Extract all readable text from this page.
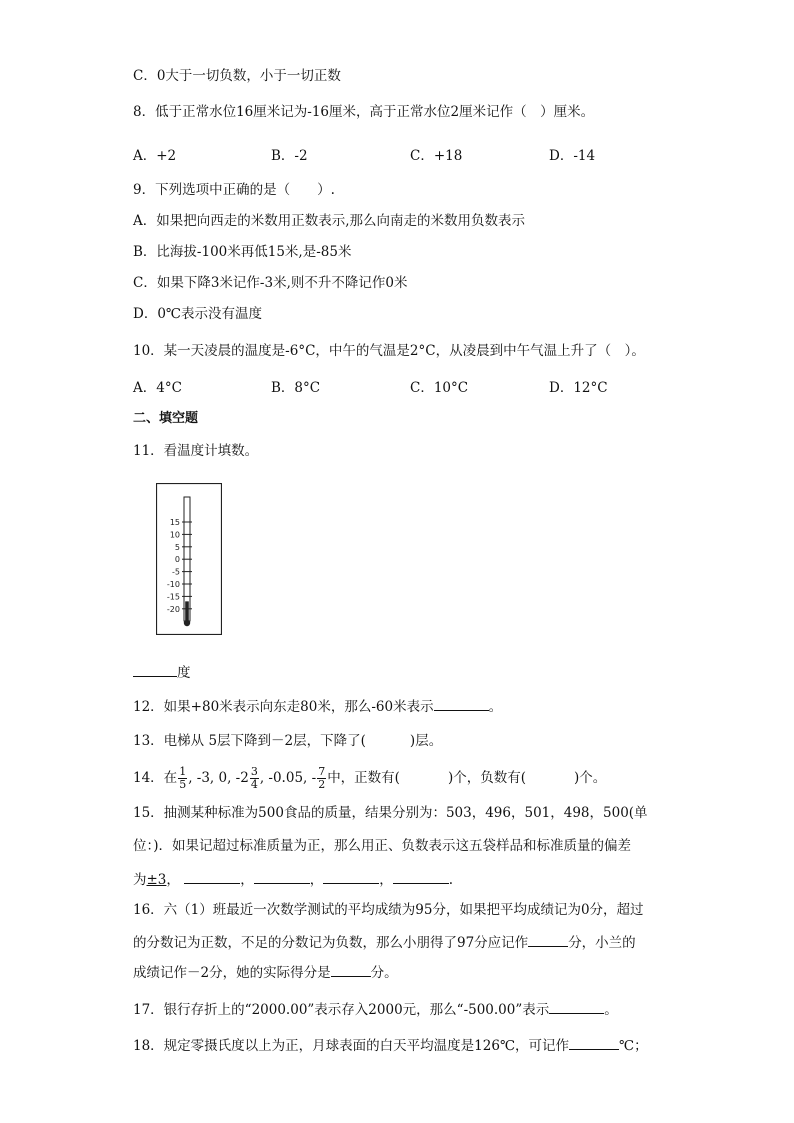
C．0大于一切负数，小于一切正数
8．低于正常水位16厘米记为-16厘米，高于正常水位2厘米记作（　）厘米。
A．+2	B．-2	C．+18	D．-14
9．下列选项中正确的是（　　）.
A．如果把向西走的米数用正数表示,那么向南走的米数用负数表示
B．比海拔-100米再低15米,是-85米
C．如果下降3米记作-3米,则不升不降记作0米
D．0℃表示没有温度
10．某一天凌晨的温度是-6°C，中午的气温是2°C，从凌晨到中午气温上升了（　）。
A．4°C	B．8°C	C．10°C	D．12°C
二、填空题
11．看温度计填数。
15
10
5
0
-5
-10
-15
-20
度
12．如果+80米表示向东走80米，那么-60米表示	。
13．电梯从 5层下降到－2层，下降了(	)层。
14．在 $\frac{1}{5}$ , -3, 0, $-2 \frac{3}{4}$ , -0.05, - $\frac{7}{2}$ 中，正数有(	)个，负数有(	)个。
15．抽测某种标准为500食品的质量，结果分别为：503，496，501，498，500(单
位：)．如果记超过标准质量为正，那么用正、负数表示这五袋样品和标准质量的偏差
为±3，	，	，	，	.
16．六（1）班最近一次数学测试的平均成绩为95分，如果把平均成绩记为0分，超过
的分数记为正数，不足的分数记为负数，那么小朋得了97分应记作	分，小兰的
成绩记作－2分，她的实际得分是	分。
17．银行存折上的“2000.00”表示存入2000元，那么“-500.00”表示	。
18．规定零摄氏度以上为正，月球表面的白天平均温度是126℃，可记作	℃；
